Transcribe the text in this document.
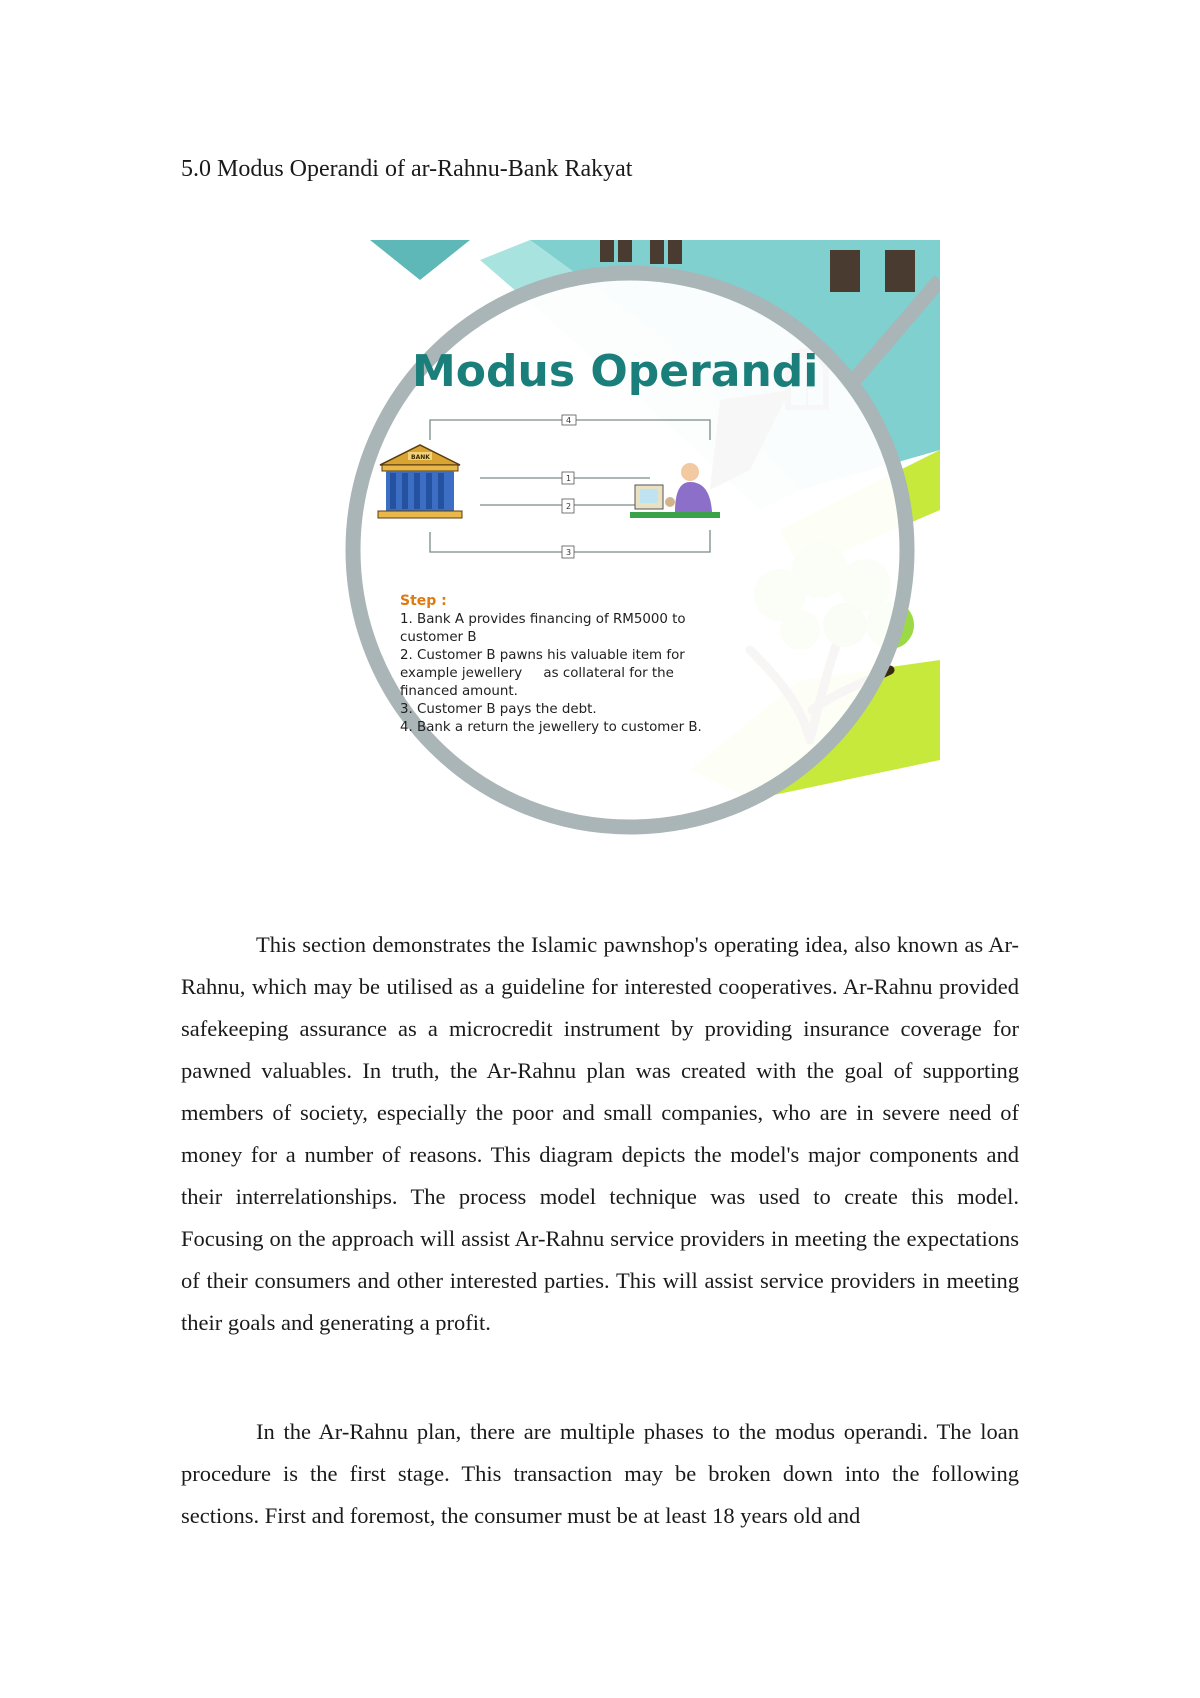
5.0 Modus Operandi of ar-Rahnu-Bank Rakyat
Modus Operandi
4
1
2
3
BANK
Step :
1. Bank A provides financing of RM5000 to
customer B
2. Customer B pawns his valuable item for
example jewellery     as collateral for the
financed amount.
3. Customer B pays the debt.
4. Bank a return the jewellery to customer B.

This section demonstrates the Islamic pawnshop's operating idea, also known as Ar-Rahnu, which may be utilised as a guideline for interested cooperatives. Ar-Rahnu provided safekeeping assurance as a microcredit instrument by providing insurance coverage for pawned valuables. In truth, the Ar-Rahnu plan was created with the goal of supporting members of society, especially the poor and small companies, who are in severe need of money for a number of reasons. This diagram depicts the model's major components and their interrelationships. The process model technique was used to create this model. Focusing on the approach will assist Ar-Rahnu service providers in meeting the expectations of their consumers and other interested parties. This will assist service providers in meeting their goals and generating a profit.

In the Ar-Rahnu plan, there are multiple phases to the modus operandi. The loan procedure is the first stage. This transaction may be broken down into the following sections. First and foremost, the consumer must be at least 18 years old and
